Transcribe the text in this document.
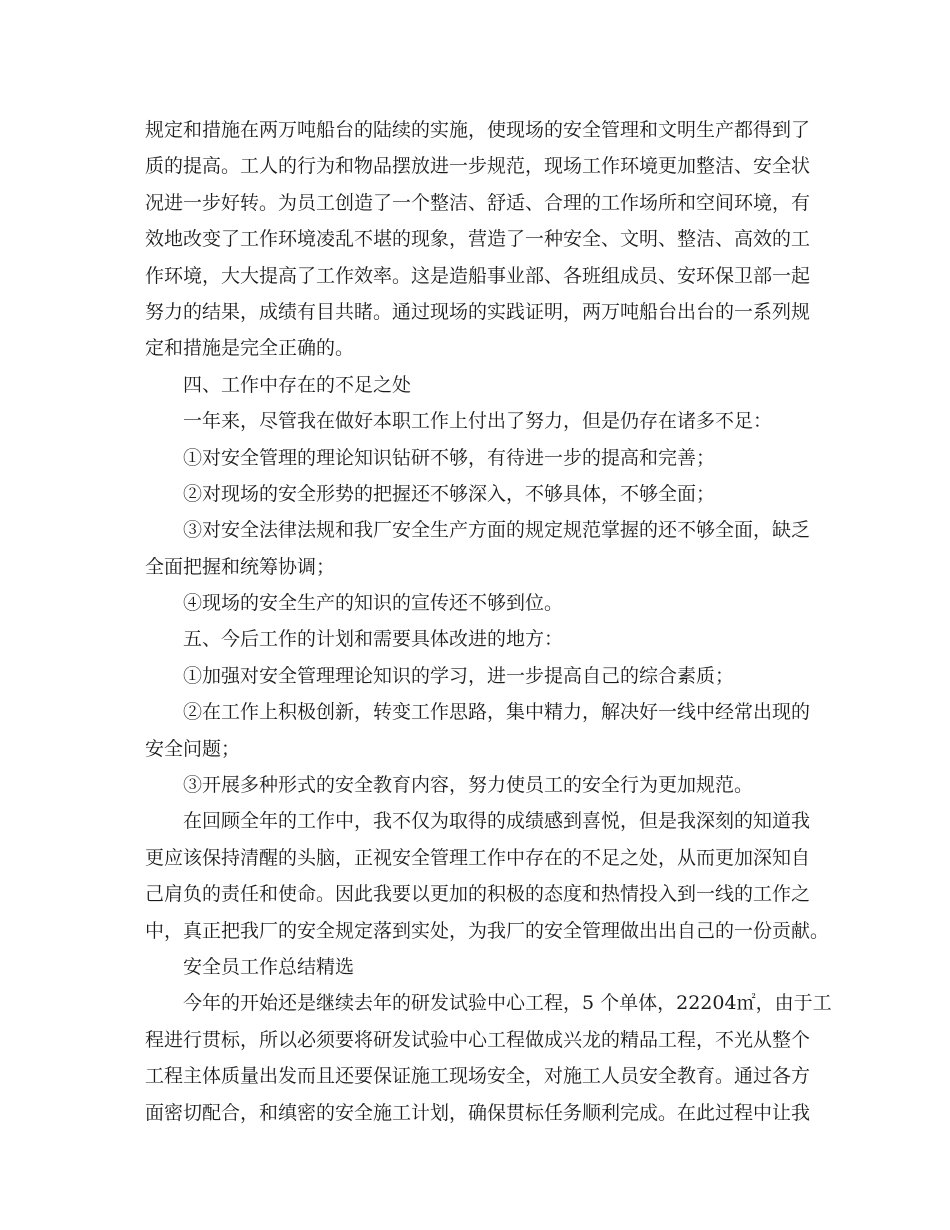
规定和措施在两万吨船台的陆续的实施，使现场的安全管理和文明生产都得到了
质的提高。工人的行为和物品摆放进一步规范，现场工作环境更加整洁、安全状
况进一步好转。为员工创造了一个整洁、舒适、合理的工作场所和空间环境，有
效地改变了工作环境凌乱不堪的现象，营造了一种安全、文明、整洁、高效的工
作环境，大大提高了工作效率。这是造船事业部、各班组成员、安环保卫部一起
努力的结果，成绩有目共睹。通过现场的实践证明，两万吨船台出台的一系列规
定和措施是完全正确的。
四、工作中存在的不足之处
一年来，尽管我在做好本职工作上付出了努力，但是仍存在诸多不足：
①对安全管理的理论知识钻研不够，有待进一步的提高和完善；
②对现场的安全形势的把握还不够深入，不够具体，不够全面；
③对安全法律法规和我厂安全生产方面的规定规范掌握的还不够全面，缺乏
全面把握和统筹协调；
④现场的安全生产的知识的宣传还不够到位。
五、今后工作的计划和需要具体改进的地方：
①加强对安全管理理论知识的学习，进一步提高自己的综合素质；
②在工作上积极创新，转变工作思路，集中精力，解决好一线中经常出现的
安全问题；
③开展多种形式的安全教育内容，努力使员工的安全行为更加规范。
在回顾全年的工作中，我不仅为取得的成绩感到喜悦，但是我深刻的知道我
更应该保持清醒的头脑，正视安全管理工作中存在的不足之处，从而更加深知自
己肩负的责任和使命。因此我要以更加的积极的态度和热情投入到一线的工作之
中，真正把我厂的安全规定落到实处，为我厂的安全管理做出出自己的一份贡献。
安全员工作总结精选
今年的开始还是继续去年的研发试验中心工程，5 个单体，22204㎡，由于工
程进行贯标，所以必须要将研发试验中心工程做成兴龙的精品工程，不光从整个
工程主体质量出发而且还要保证施工现场安全，对施工人员安全教育。通过各方
面密切配合，和缜密的安全施工计划，确保贯标任务顺利完成。在此过程中让我
